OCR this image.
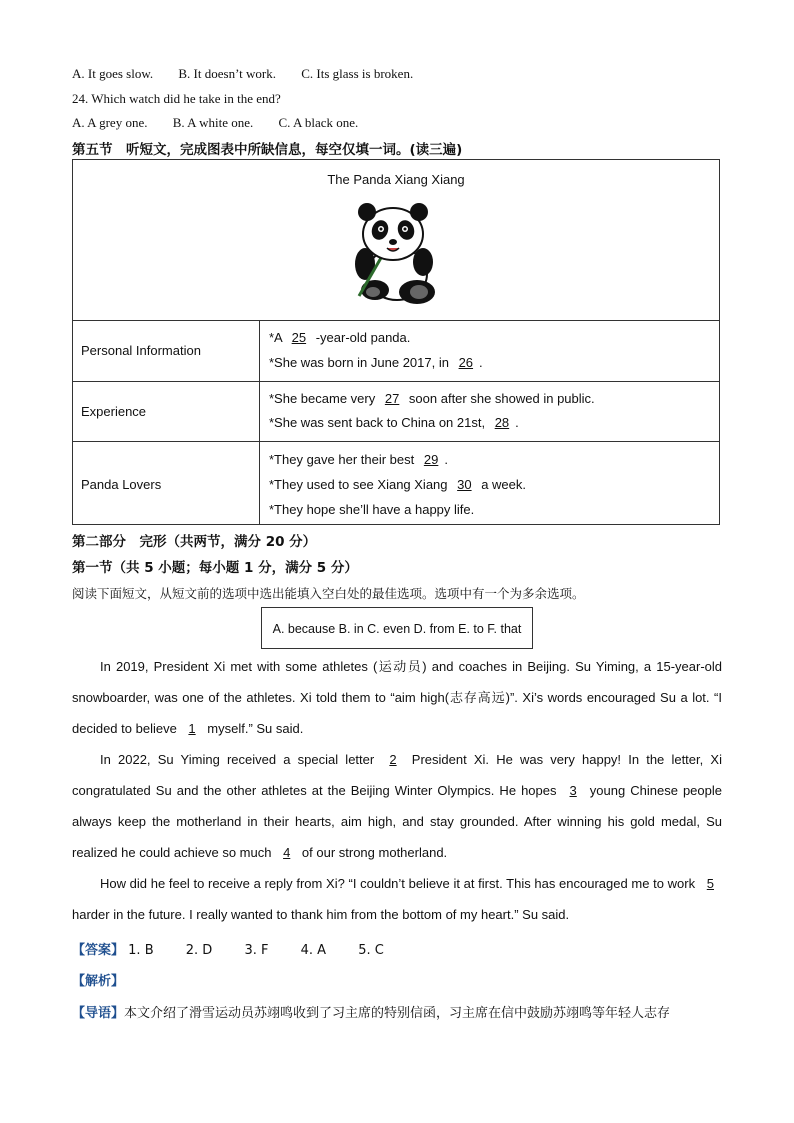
A. It goes slow. B. It doesn’t work. C. Its glass is broken.
24. Which watch did he take in the end?
A. A grey one. B. A white one. C. A black one.
第五节　听短文，完成图表中所缺信息，每空仅填一词。(读三遍)
The Panda Xiang Xiang
Personal Information
*A 25 -year-old panda.
*She was born in June 2017, in 26 .
Experience
*She became very 27 soon after she showed in public.
*She was sent back to China on 21st, 28 .
Panda Lovers
*They gave her their best 29 .
*They used to see Xiang Xiang 30 a week.
*They hope she’ll have a happy life.
第二部分　完形（共两节，满分 20 分）
第一节（共 5 小题；每小题 1 分，满分 5 分）
阅读下面短文，从短文前的选项中选出能填入空白处的最佳选项。选项中有一个为多余选项。
A. because B. in C. even D. from E. to F. that

In 2019, President Xi met with some athletes (运动员) and coaches in Beijing. Su Yiming, a 15-year-old snowboarder, was one of the athletes. Xi told them to “aim high(志存高远)”. Xi’s words encouraged Su a lot. “I decided to believe 1 myself.” Su said.

In 2022, Su Yiming received a special letter 2 President Xi. He was very happy! In the letter, Xi congratulated Su and the other athletes at the Beijing Winter Olympics. He hopes 3 young Chinese people always keep the motherland in their hearts, aim high, and stay grounded. After winning his gold medal, Su realized he could achieve so much 4 of our strong motherland.

How did he feel to receive a reply from Xi? “I couldn’t believe it at first. This has encouraged me to work 5 harder in the future. I really wanted to thank him from the bottom of my heart.” Su said.

【答案】 1. B 2. D 3. F 4. A 5. C
【解析】
【导语】本文介绍了滑雪运动员苏翊鸣收到了习主席的特别信函，习主席在信中鼓励苏翊鸣等年轻人志存
